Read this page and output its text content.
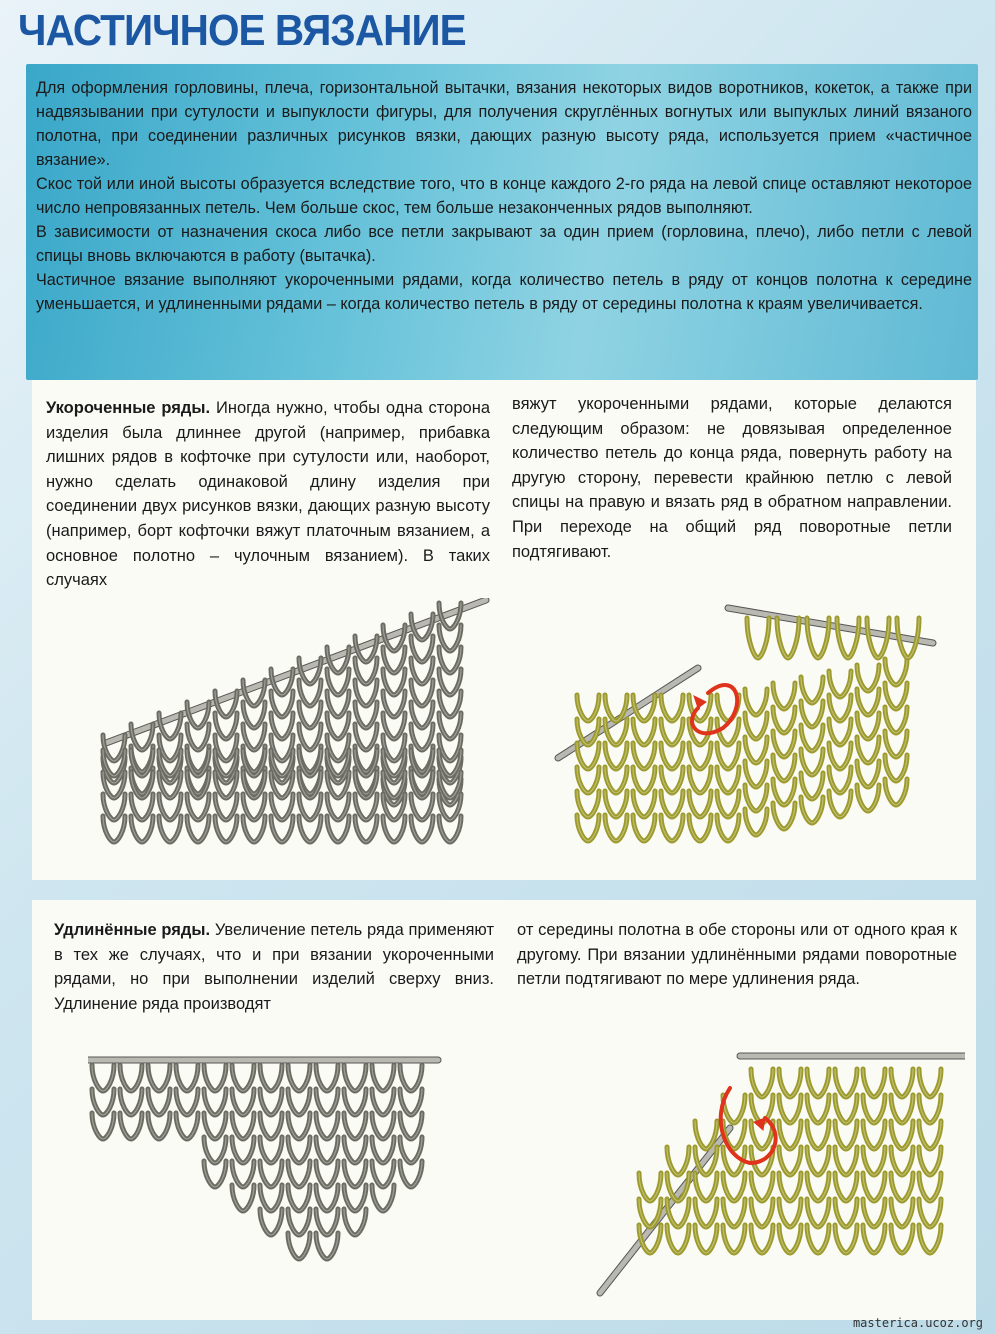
ЧАСТИЧНОЕ ВЯЗАНИЕ

Для оформления горловины, плеча, горизонтальной вытачки, вязания некоторых видов воротников, кокеток, а также при надвязывании при сутулости и выпуклости фигуры, для получения скруглённых вогнутых или выпуклых линий вязаного полотна, при соединении различных рисунков вязки, дающих разную высоту ряда, используется прием «частичное вязание».

Скос той или иной высоты образуется вследствие того, что в конце каждого 2-го ряда на левой спице оставляют некоторое число непровязанных петель. Чем больше скос, тем больше незаконченных рядов выполняют.

В зависимости от назначения скоса либо все петли закрывают за один прием (горловина, плечо), либо петли с левой спицы вновь включаются в работу (вытачка).

Частичное вязание выполняют укороченными рядами, когда количество петель в ряду от концов полотна к середине уменьшается, и удлиненными рядами – когда количество петель в ряду от середины полотна к краям увеличивается.

Укороченные ряды. Иногда нужно, чтобы одна сторона изделия была длиннее другой (например, прибавка лишних рядов в кофточке при сутулости или, наоборот, нужно сделать одинаковой длину изделия при соединении двух рисунков вязки, дающих разную высоту (например, борт кофточки вяжут платочным вязанием, а основное полотно – чулочным вязанием). В таких случаях
вяжут укороченными рядами, которые делаются следующим образом: не довязывая определенное количество петель до конца ряда, повернуть работу на другую сторону, перевести крайнюю петлю с левой спицы на правую и вязать ряд в обратном направлении. При переходе на общий ряд поворотные петли подтягивают.
Удлинённые ряды. Увеличение петель ряда применяют в тех же случаях, что и при вязании укороченными рядами, но при выполнении изделий сверху вниз. Удлинение ряда производят
от середины полотна в обе стороны или от одного края к другому. При вязании удлинёнными рядами поворотные петли подтягивают по мере удлинения ряда.
masterica.ucoz.org
